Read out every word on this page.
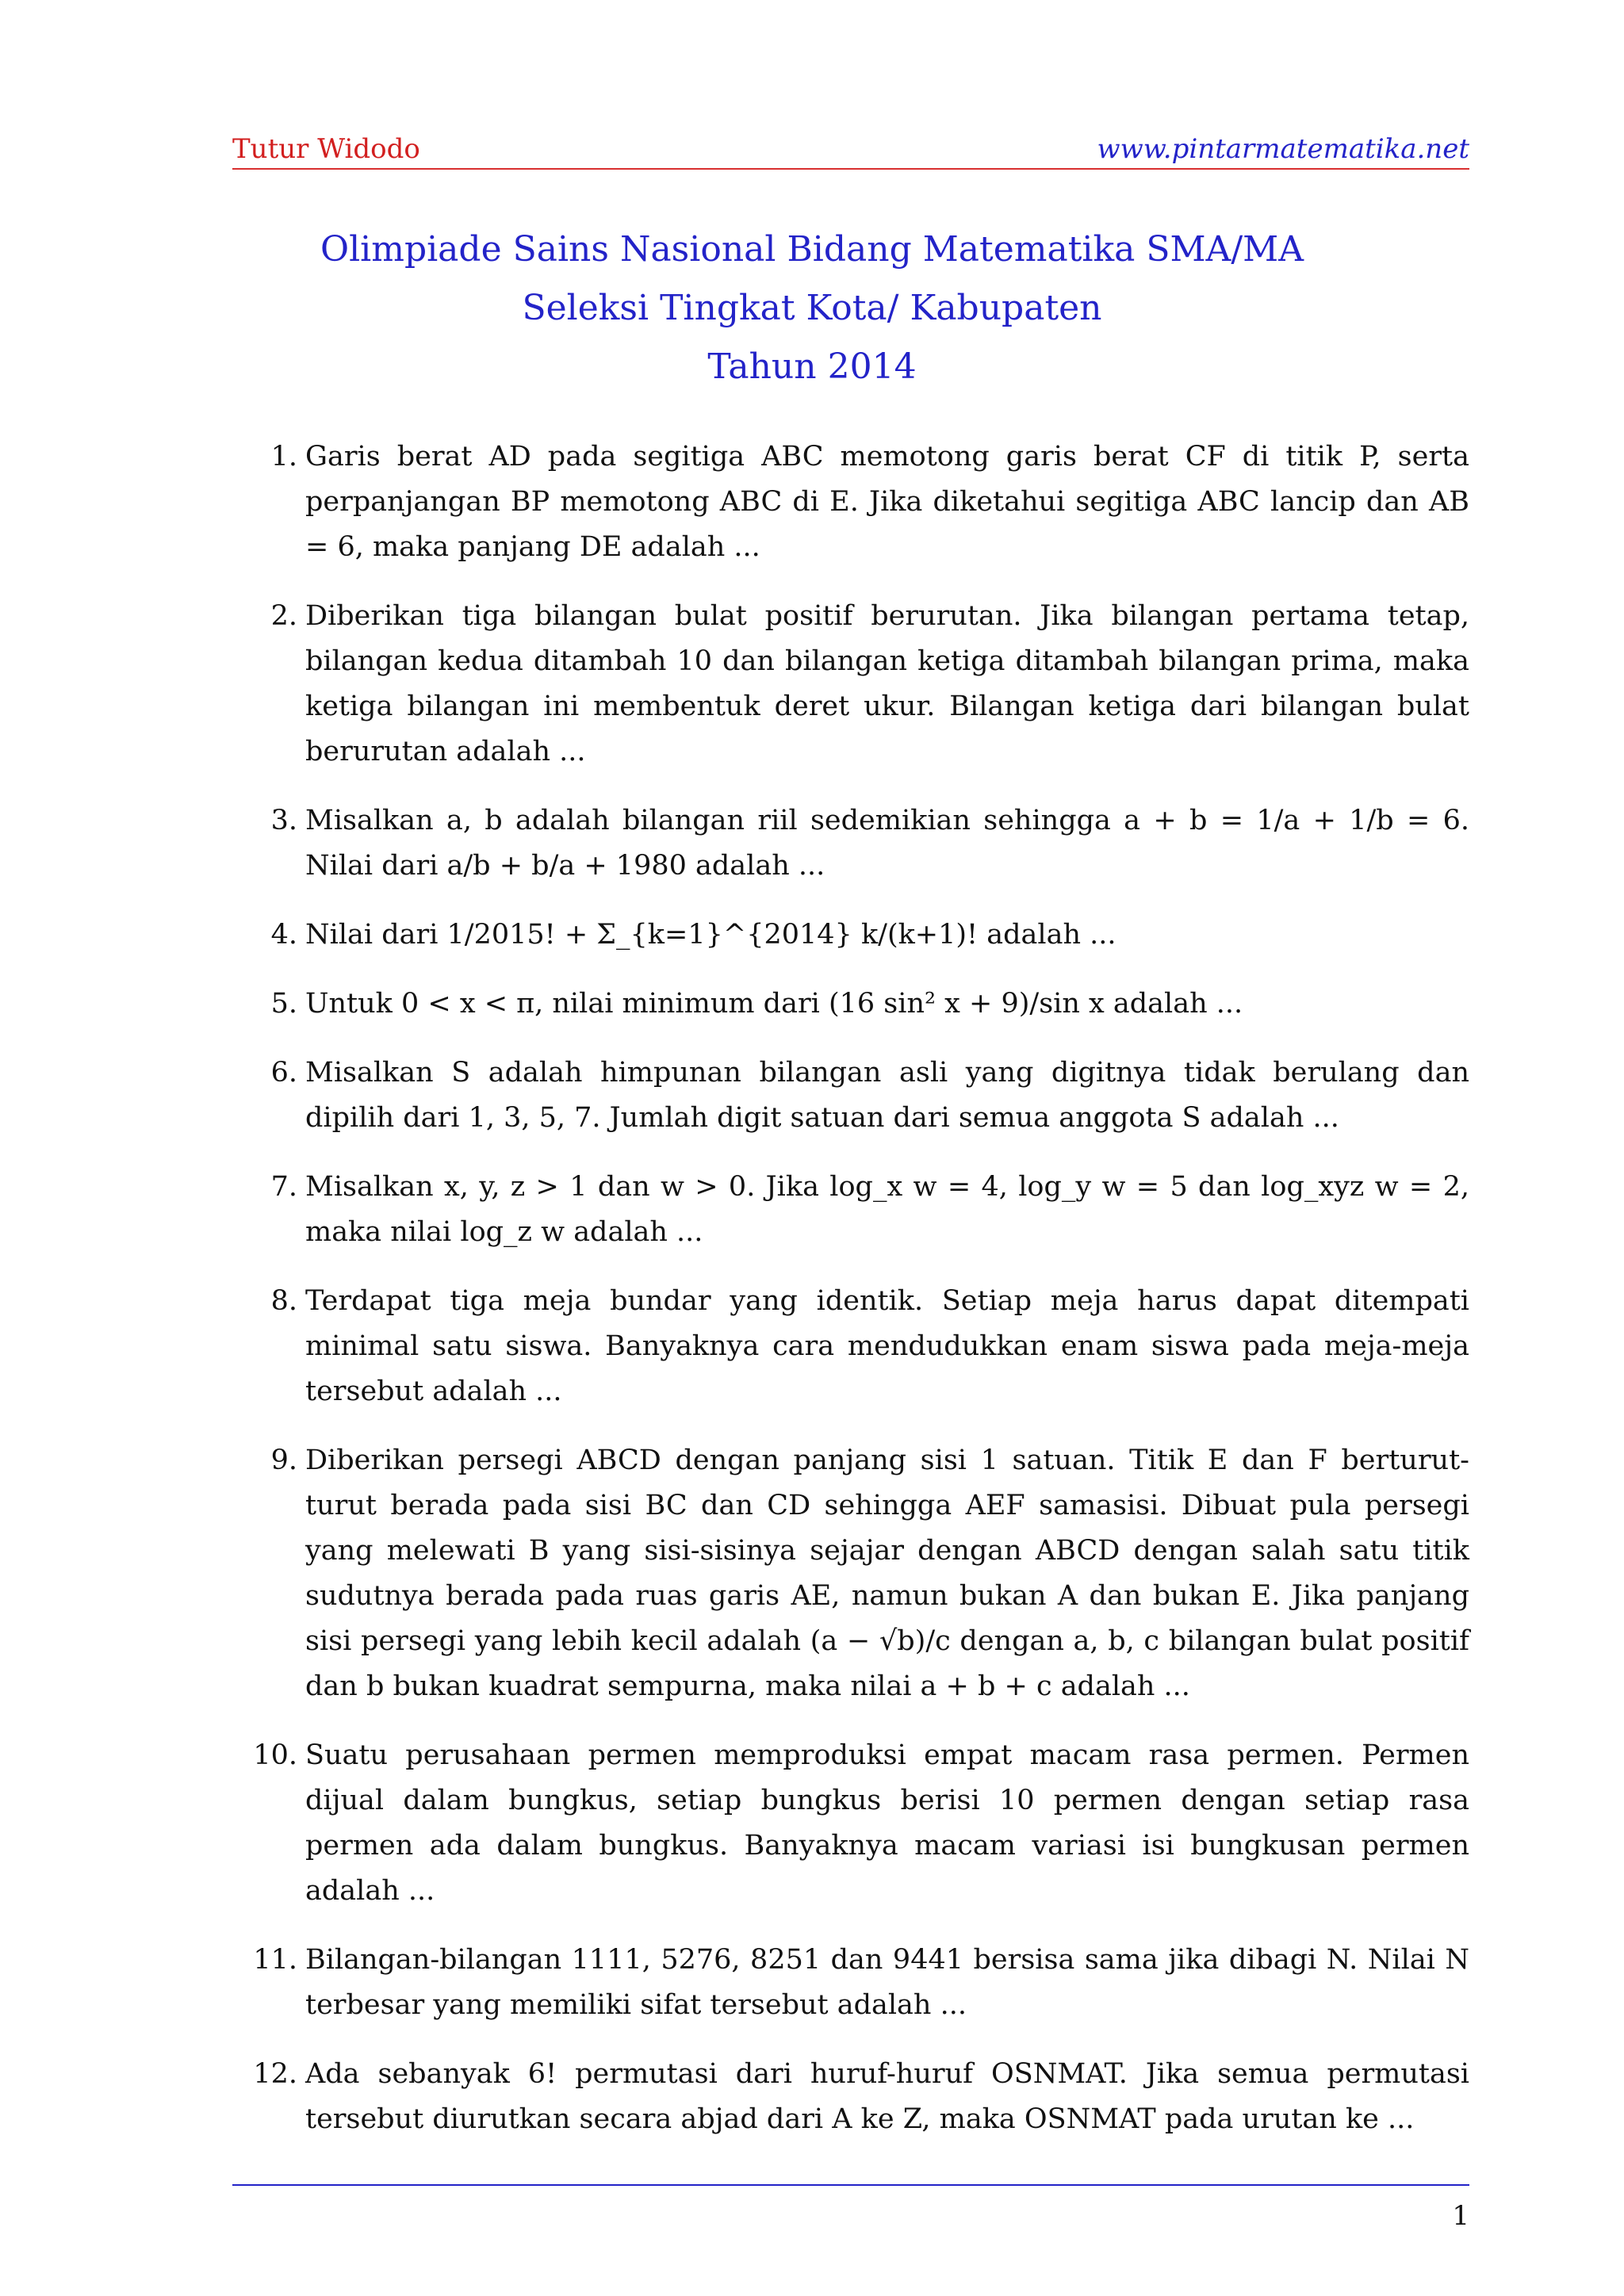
Tutur Widodo	www.pintarmatematika.net
Olimpiade Sains Nasional Bidang Matematika SMA/MA
Seleksi Tingkat Kota/ Kabupaten
Tahun 2014
1. Garis berat AD pada segitiga ABC memotong garis berat CF di titik P, serta perpanjangan BP memotong ABC di E. Jika diketahui segitiga ABC lancip dan AB = 6, maka panjang DE adalah ...
2. Diberikan tiga bilangan bulat positif berurutan. Jika bilangan pertama tetap, bilangan kedua ditambah 10 dan bilangan ketiga ditambah bilangan prima, maka ketiga bilangan ini membentuk deret ukur. Bilangan ketiga dari bilangan bulat berurutan adalah ...
3. Misalkan a, b adalah bilangan riil sedemikian sehingga a + b = 1/a + 1/b = 6. Nilai dari a/b + b/a + 1980 adalah ...
4. Nilai dari 1/2015! + Σ_{k=1}^{2014} k/(k+1)! adalah ...
5. Untuk 0 < x < π, nilai minimum dari (16 sin² x + 9)/sin x adalah ...
6. Misalkan S adalah himpunan bilangan asli yang digitnya tidak berulang dan dipilih dari 1, 3, 5, 7. Jumlah digit satuan dari semua anggota S adalah ...
7. Misalkan x, y, z > 1 dan w > 0. Jika log_x w = 4, log_y w = 5 dan log_xyz w = 2, maka nilai log_z w adalah ...
8. Terdapat tiga meja bundar yang identik. Setiap meja harus dapat ditempati minimal satu siswa. Banyaknya cara mendudukkan enam siswa pada meja-meja tersebut adalah ...
9. Diberikan persegi ABCD dengan panjang sisi 1 satuan. Titik E dan F berturut-turut berada pada sisi BC dan CD sehingga AEF samasisi. Dibuat pula persegi yang melewati B yang sisi-sisinya sejajar dengan ABCD dengan salah satu titik sudutnya berada pada ruas garis AE, namun bukan A dan bukan E. Jika panjang sisi persegi yang lebih kecil adalah (a − √b)/c dengan a, b, c bilangan bulat positif dan b bukan kuadrat sempurna, maka nilai a + b + c adalah ...
10. Suatu perusahaan permen memproduksi empat macam rasa permen. Permen dijual dalam bungkus, setiap bungkus berisi 10 permen dengan setiap rasa permen ada dalam bungkus. Banyaknya macam variasi isi bungkusan permen adalah ...
11. Bilangan-bilangan 1111, 5276, 8251 dan 9441 bersisa sama jika dibagi N. Nilai N terbesar yang memiliki sifat tersebut adalah ...
12. Ada sebanyak 6! permutasi dari huruf-huruf OSNMAT. Jika semua permutasi tersebut diurutkan secara abjad dari A ke Z, maka OSNMAT pada urutan ke ...
1
